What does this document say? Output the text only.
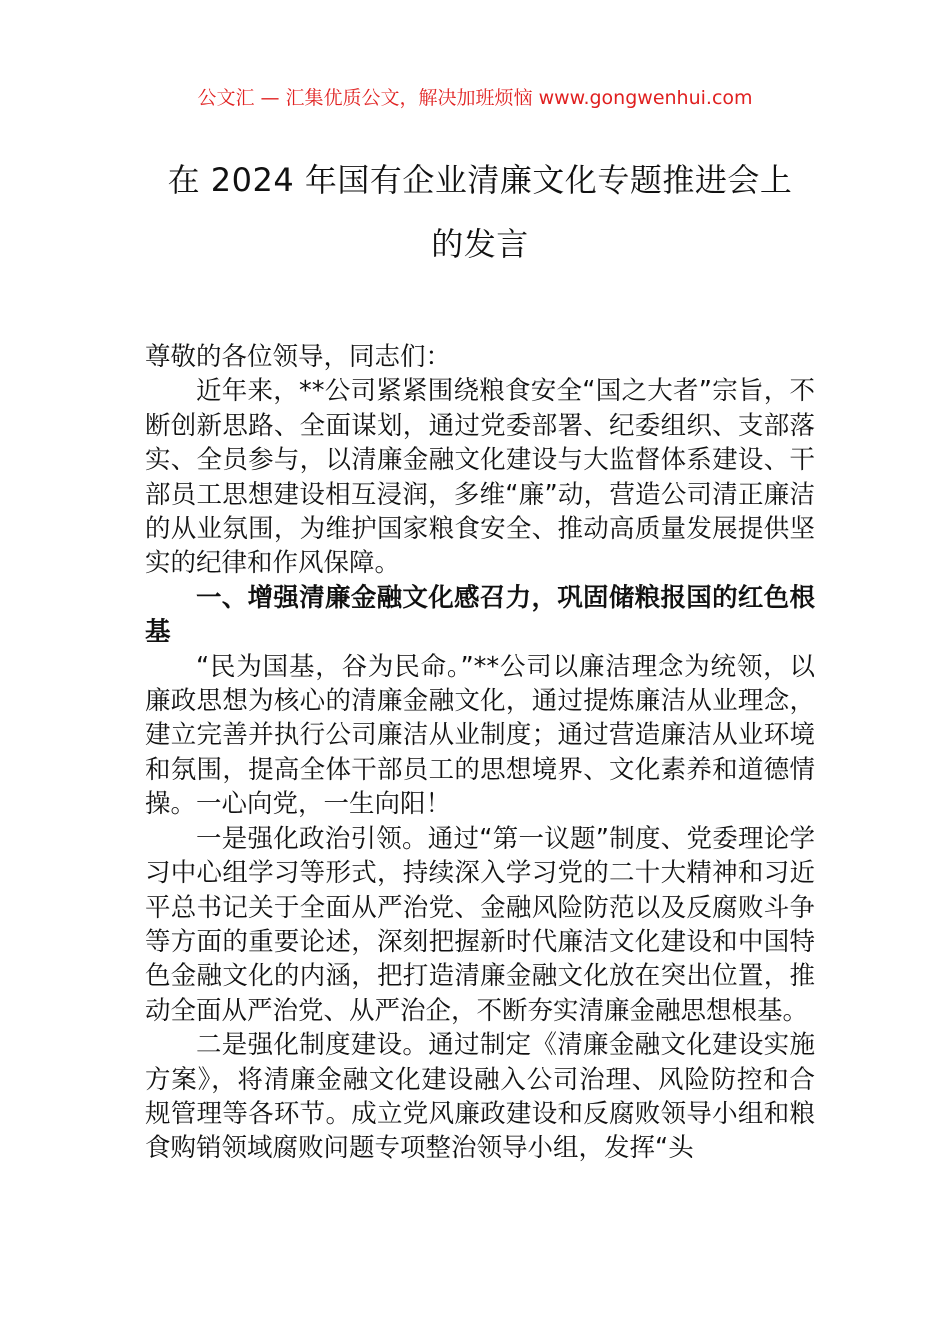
公文汇 — 汇集优质公文，解决加班烦恼 www.gongwenhui.com
在 2024 年国有企业清廉文化专题推进会上
的发言

尊敬的各位领导，同志们：

近年来，**公司紧紧围绕粮食安全“国之大者”宗旨，不断创新思路、全面谋划，通过党委部署、纪委组织、支部落实、全员参与，以清廉金融文化建设与大监督体系建设、干部员工思想建设相互浸润，多维“廉”动，营造公司清正廉洁的从业氛围，为维护国家粮食安全、推动高质量发展提供坚实的纪律和作风保障。

一、增强清廉金融文化感召力，巩固储粮报国的红色根基

“民为国基，谷为民命。”**公司以廉洁理念为统领，以廉政思想为核心的清廉金融文化，通过提炼廉洁从业理念，建立完善并执行公司廉洁从业制度；通过营造廉洁从业环境和氛围，提高全体干部员工的思想境界、文化素养和道德情操。一心向党，一生向阳！

一是强化政治引领。通过“第一议题”制度、党委理论学习中心组学习等形式，持续深入学习党的二十大精神和习近平总书记关于全面从严治党、金融风险防范以及反腐败斗争等方面的重要论述，深刻把握新时代廉洁文化建设和中国特色金融文化的内涵，把打造清廉金融文化放在突出位置，推动全面从严治党、从严治企，不断夯实清廉金融思想根基。

二是强化制度建设。通过制定《清廉金融文化建设实施方案》，将清廉金融文化建设融入公司治理、风险防控和合规管理等各环节。成立党风廉政建设和反腐败领导小组和粮食购销领域腐败问题专项整治领导小组，发挥“头
